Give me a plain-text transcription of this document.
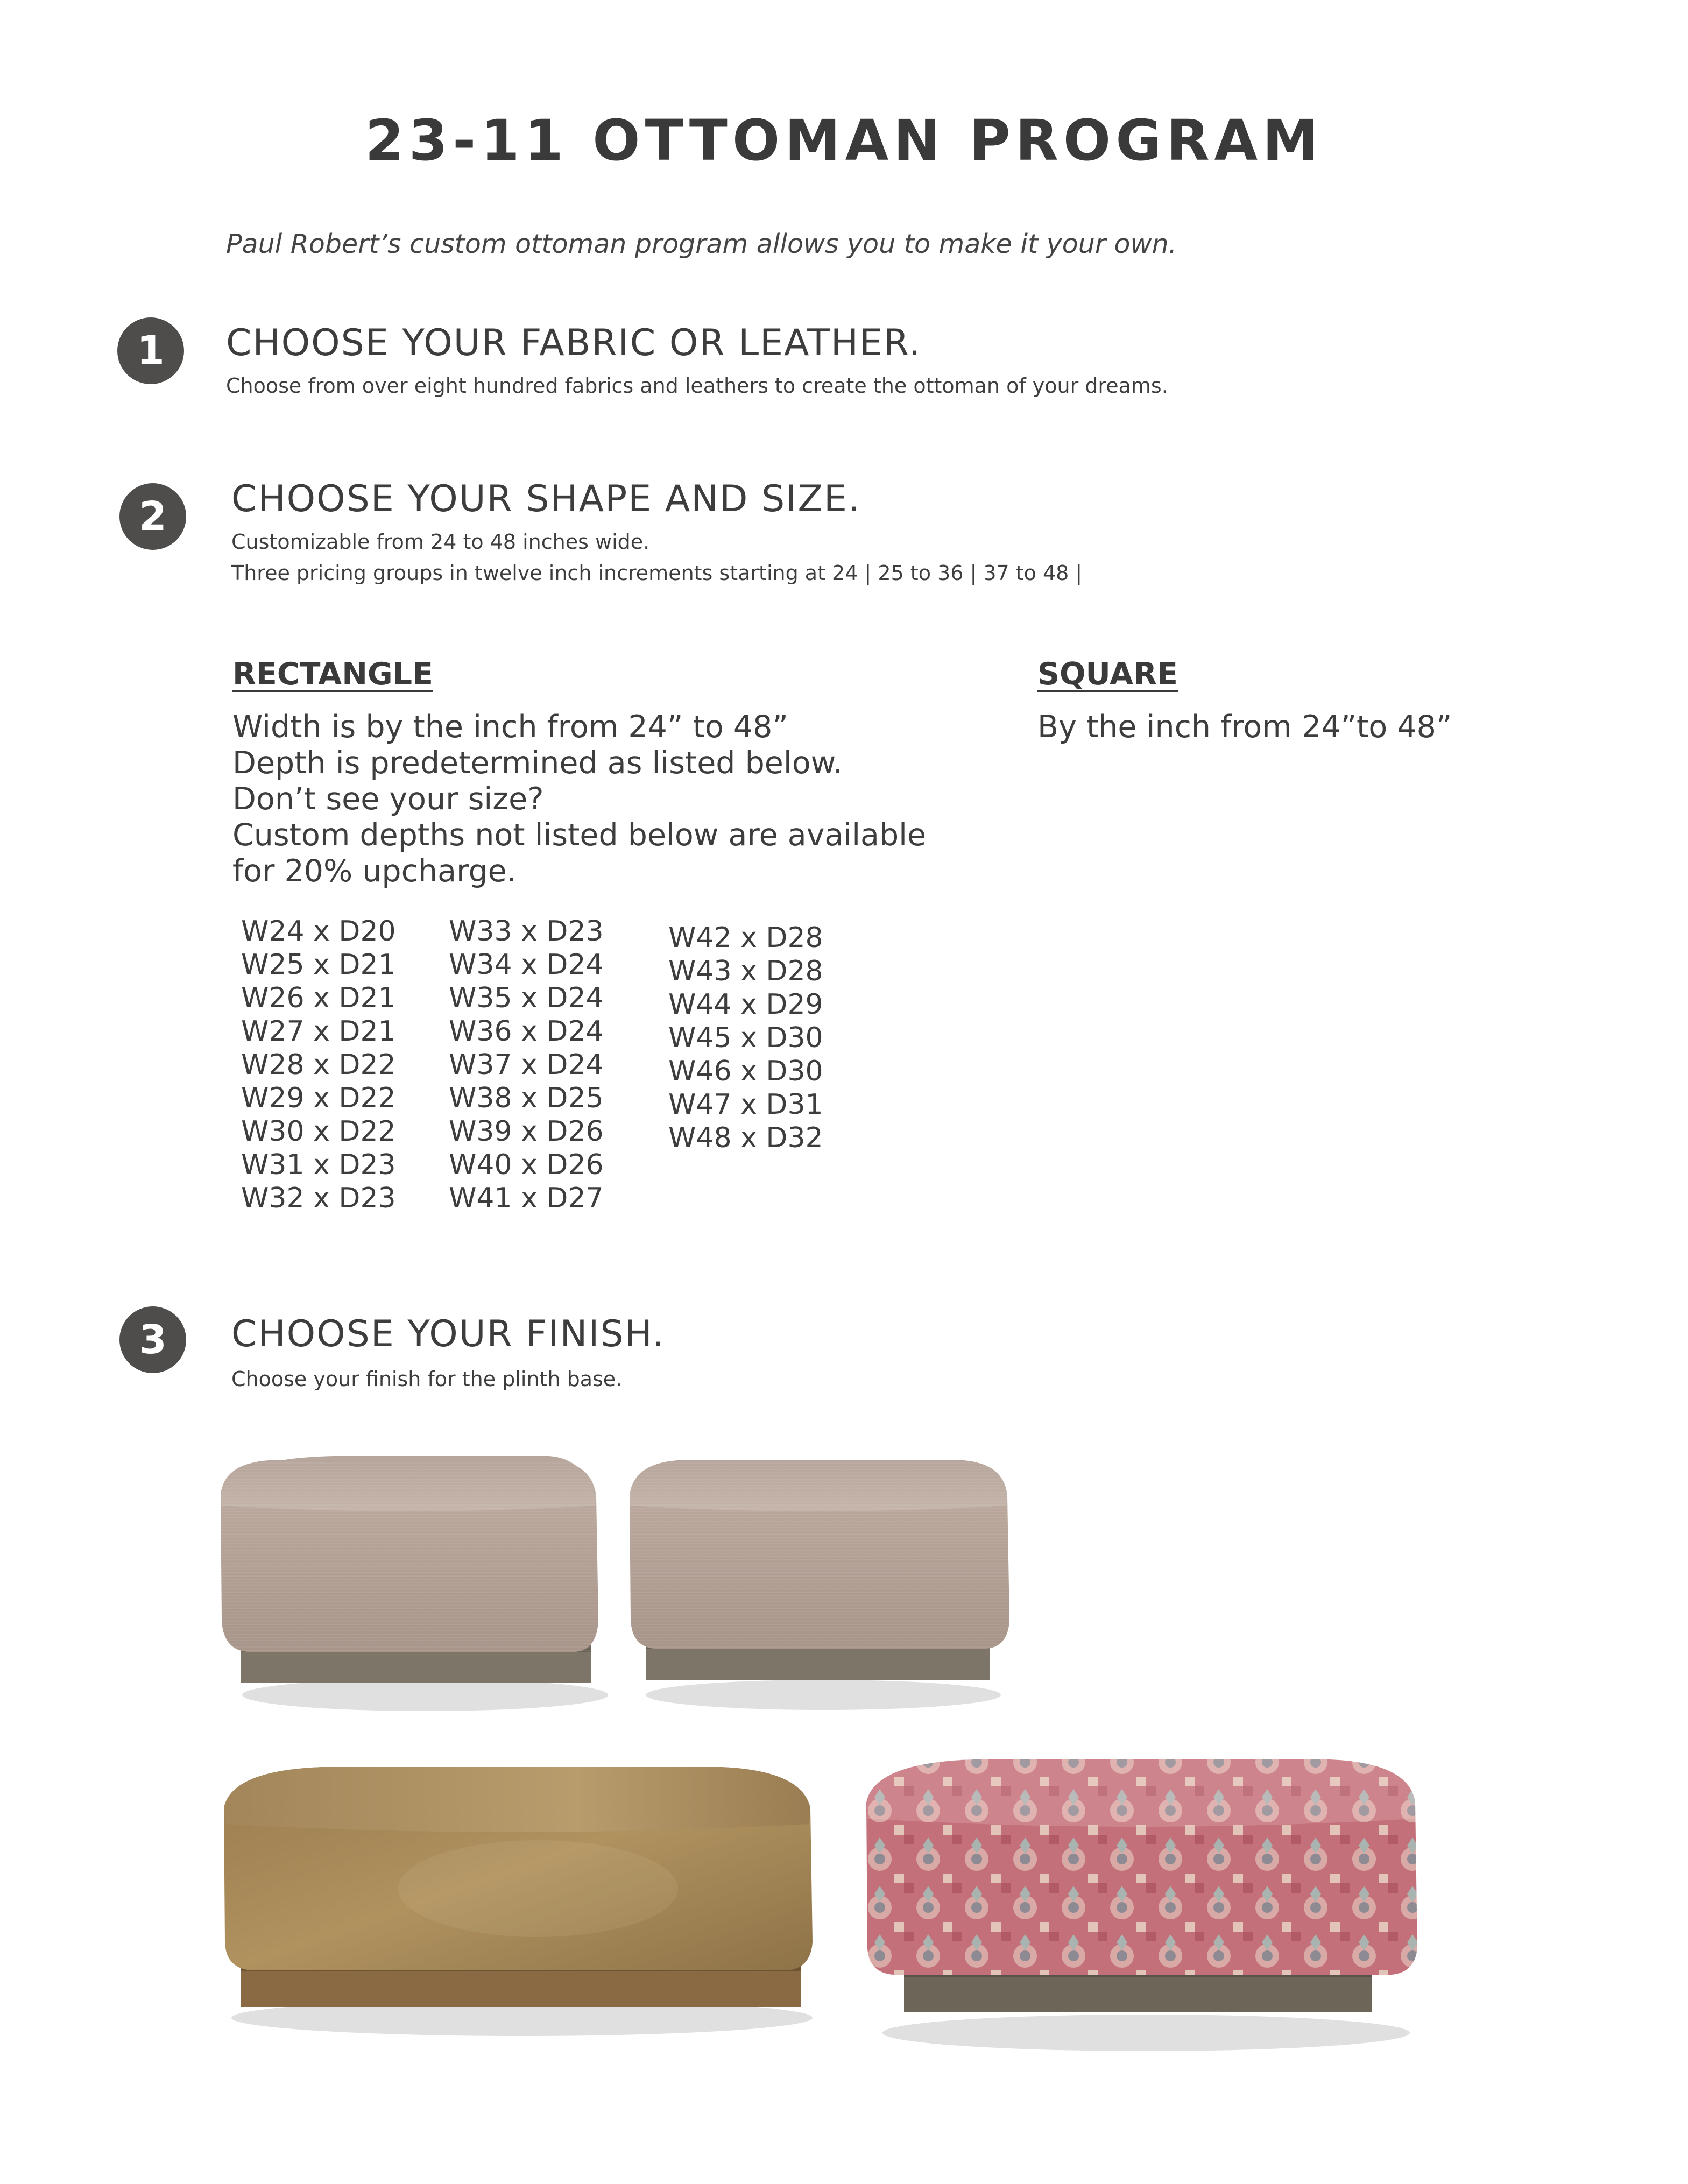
23-11 OTTOMAN PROGRAM
Paul Robert’s custom ottoman program allows you to make it your own.
1	CHOOSE YOUR FABRIC OR LEATHER.
Choose from over eight hundred fabrics and leathers to create the ottoman of your dreams.
2	CHOOSE YOUR SHAPE AND SIZE.
Customizable from 24 to 48 inches wide.
Three pricing groups in twelve inch increments starting at 24 | 25 to 36 | 37 to 48 |
RECTANGLE
Width is by the inch from 24” to 48”
Depth is predetermined as listed below.
Don’t see your size?
Custom depths not listed below are available
for 20% upcharge.
W24 x D20
W25 x D21
W26 x D21
W27 x D21
W28 x D22
W29 x D22
W30 x D22
W31 x D23
W32 x D23
W33 x D23
W34 x D24
W35 x D24
W36 x D24
W37 x D24
W38 x D25
W39 x D26
W40 x D26
W41 x D27
W42 x D28
W43 x D28
W44 x D29
W45 x D30
W46 x D30
W47 x D31
W48 x D32
SQUARE
By the inch from 24”to 48”
3	CHOOSE YOUR FINISH.
Choose your finish for the plinth base.
